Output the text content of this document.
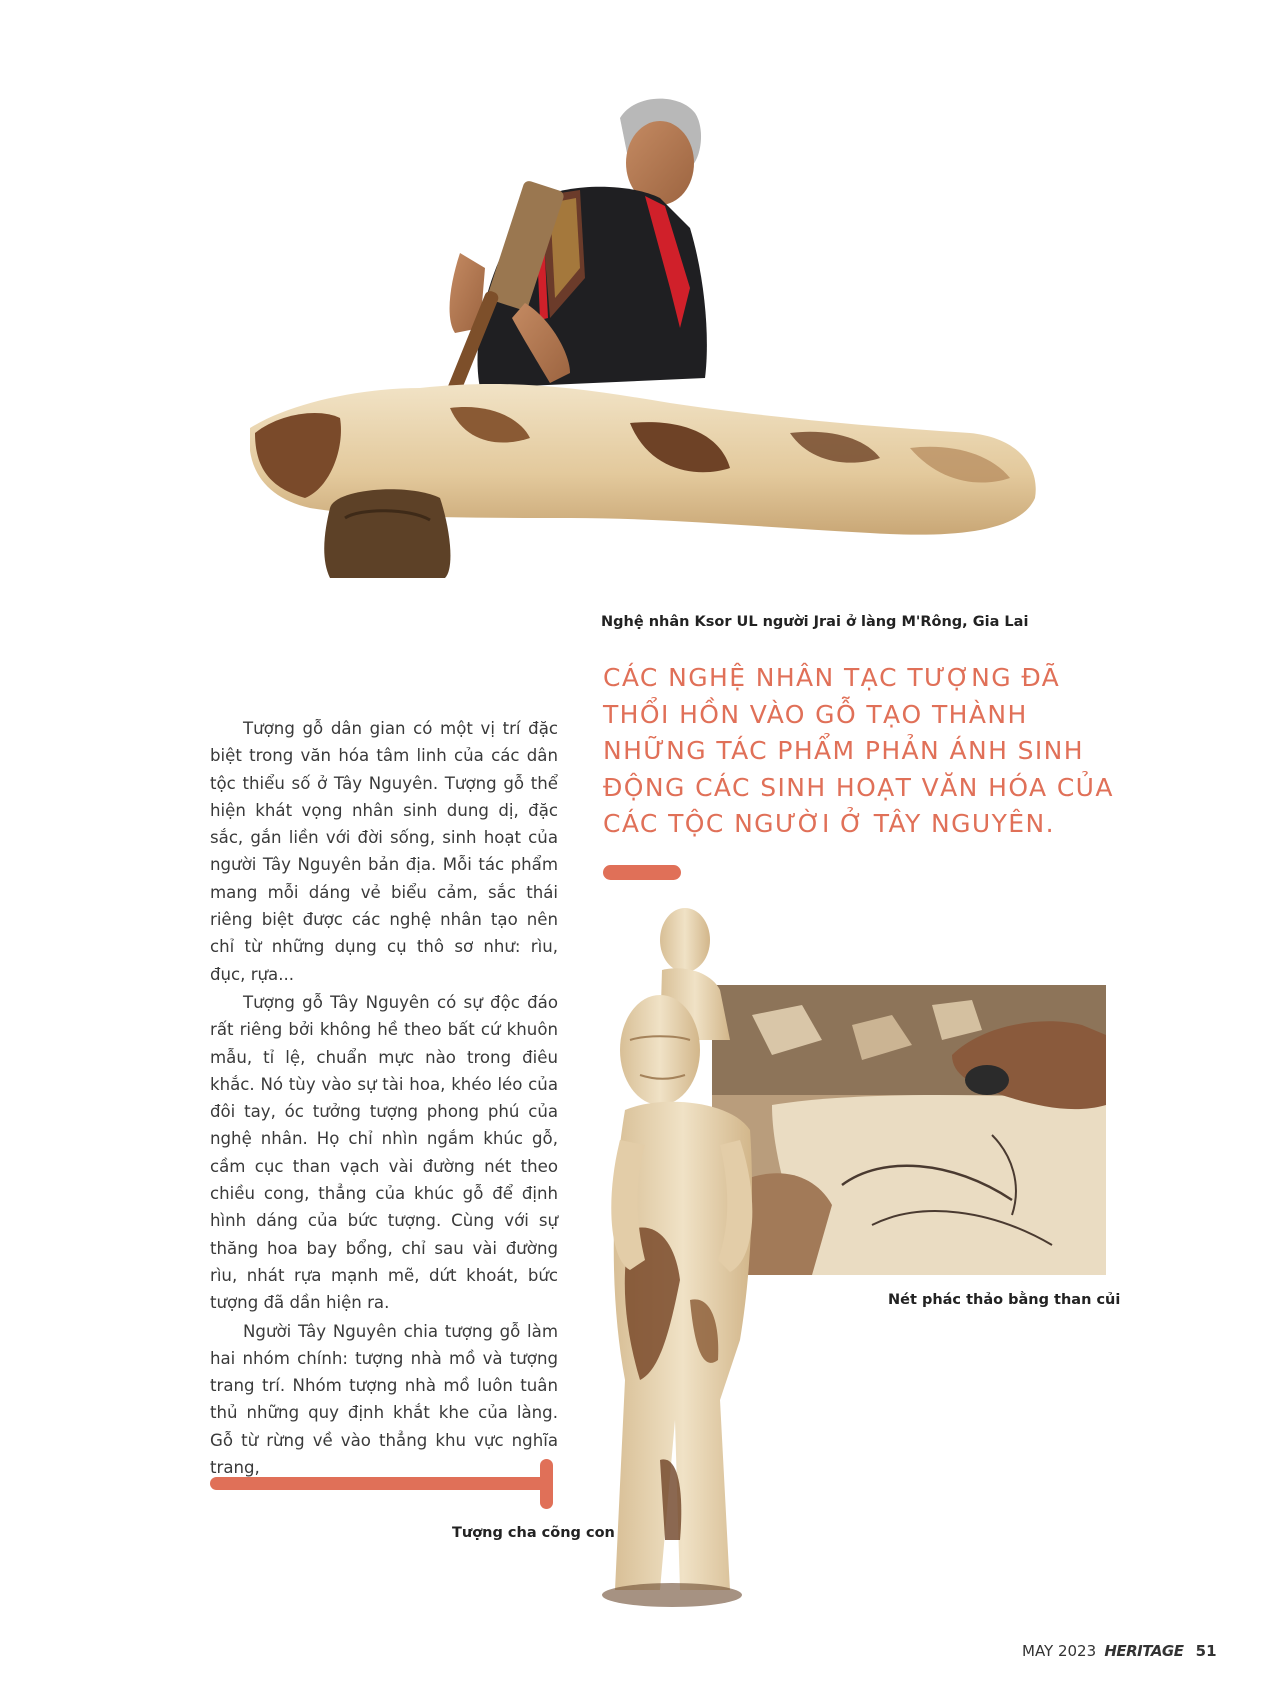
Nghệ nhân Ksor UL người Jrai ở làng M'Rông, Gia Lai
CÁC NGHỆ NHÂN TẠC TƯỢNG ĐÃ THỔI HỒN VÀO GỖ TẠO THÀNH NHỮNG TÁC PHẨM PHẢN ÁNH SINH ĐỘNG CÁC SINH HOẠT VĂN HÓA CỦA CÁC TỘC NGƯỜI Ở TÂY NGUYÊN.

Tượng gỗ dân gian có một vị trí đặc biệt trong văn hóa tâm linh của các dân tộc thiểu số ở Tây Nguyên. Tượng gỗ thể hiện khát vọng nhân sinh dung dị, đặc sắc, gắn liền với đời sống, sinh hoạt của người Tây Nguyên bản địa. Mỗi tác phẩm mang mỗi dáng vẻ biểu cảm, sắc thái riêng biệt được các nghệ nhân tạo nên chỉ từ những dụng cụ thô sơ như: rìu, đục, rựa...

Tượng gỗ Tây Nguyên có sự độc đáo rất riêng bởi không hề theo bất cứ khuôn mẫu, tỉ lệ, chuẩn mực nào trong điêu khắc. Nó tùy vào sự tài hoa, khéo léo của đôi tay, óc tưởng tượng phong phú của nghệ nhân. Họ chỉ nhìn ngắm khúc gỗ, cầm cục than vạch vài đường nét theo chiều cong, thẳng của khúc gỗ để định hình dáng của bức tượng. Cùng với sự thăng hoa bay bổng, chỉ sau vài đường rìu, nhát rựa mạnh mẽ, dứt khoát, bức tượng đã dần hiện ra.

Người Tây Nguyên chia tượng gỗ làm hai nhóm chính: tượng nhà mồ và tượng trang trí. Nhóm tượng nhà mồ luôn tuân thủ những quy định khắt khe của làng. Gỗ từ rừng về vào thẳng khu vực nghĩa trang,

Nét phác thảo bằng than củi
Tượng cha cõng con
MAY 2023 HERITAGE 51
